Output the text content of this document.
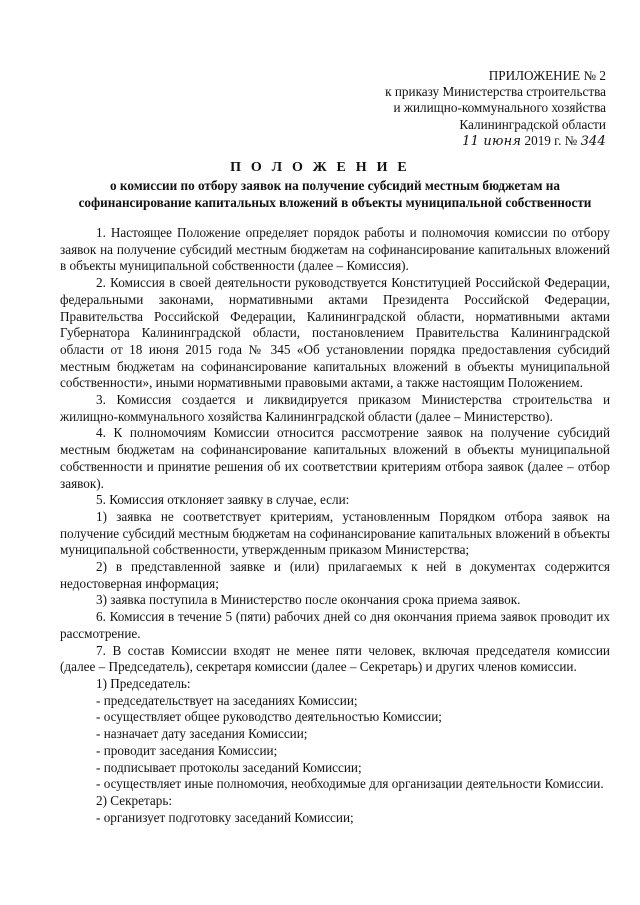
ПРИЛОЖЕНИЕ № 2
к приказу Министерства строительства
и жилищно-коммунального хозяйства
Калининградской области
11 июня 2019 г. № 344
П О Л О Ж Е Н И Е
о комиссии по отбору заявок на получение субсидий местным бюджетам на софинансирование капитальных вложений в объекты муниципальной собственности

1. Настоящее Положение определяет порядок работы и полномочия комиссии по отбору заявок на получение субсидий местным бюджетам на софинансирование капитальных вложений в объекты муниципальной собственности (далее – Комиссия).

2. Комиссия в своей деятельности руководствуется Конституцией Российской Федерации, федеральными законами, нормативными актами Президента Российской Федерации, Правительства Российской Федерации, Калининградской области, нормативными актами Губернатора Калининградской области, постановлением Правительства Калининградской области от 18 июня 2015 года № 345 «Об установлении порядка предоставления субсидий местным бюджетам на софинансирование капитальных вложений в объекты муниципальной собственности», иными нормативными правовыми актами, а также настоящим Положением.

3. Комиссия создается и ликвидируется приказом Министерства строительства и жилищно-коммунального хозяйства Калининградской области (далее – Министерство).

4. К полномочиям Комиссии относится рассмотрение заявок на получение субсидий местным бюджетам на софинансирование капитальных вложений в объекты муниципальной собственности и принятие решения об их соответствии критериям отбора заявок (далее – отбор заявок).

5. Комиссия отклоняет заявку в случае, если:

1) заявка не соответствует критериям, установленным Порядком отбора заявок на получение субсидий местным бюджетам на софинансирование капитальных вложений в объекты муниципальной собственности, утвержденным приказом Министерства;

2) в представленной заявке и (или) прилагаемых к ней в документах содержится недостоверная информация;

3) заявка поступила в Министерство после окончания срока приема заявок.

6. Комиссия в течение 5 (пяти) рабочих дней со дня окончания приема заявок проводит их рассмотрение.

7. В состав Комиссии входят не менее пяти человек, включая председателя комиссии (далее – Председатель), секретаря комиссии (далее – Секретарь) и других членов комиссии.

1) Председатель:

- председательствует на заседаниях Комиссии;

- осуществляет общее руководство деятельностью Комиссии;

- назначает дату заседания Комиссии;

- проводит заседания Комиссии;

- подписывает протоколы заседаний Комиссии;

- осуществляет иные полномочия, необходимые для организации деятельности Комиссии.

2) Секретарь:

- организует подготовку заседаний Комиссии;
